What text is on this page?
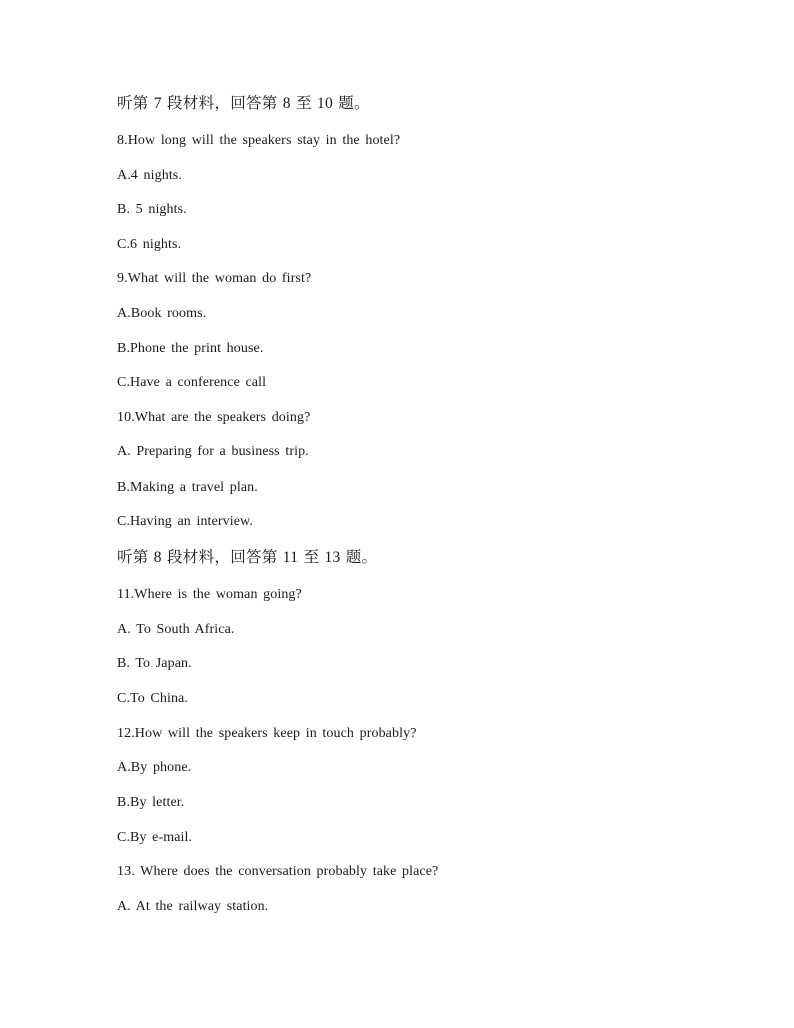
听第 7 段材料，回答第 8 至 10 题。
8.How long will the speakers stay in the hotel?
A.4 nights.
B. 5 nights.
C.6 nights.
9.What will the woman do first?
A.Book rooms.
B.Phone the print house.
C.Have a conference call
10.What are the speakers doing?
A. Preparing for a business trip.
B.Making a travel plan.
C.Having an interview.
听第 8 段材料，回答第 11 至 13 题。
11.Where is the woman going?
A. To South Africa.
B. To Japan.
C.To China.
12.How will the speakers keep in touch probably?
A.By phone.
B.By letter.
C.By e-mail.
13. Where does the conversation probably take place?
A. At the railway station.
